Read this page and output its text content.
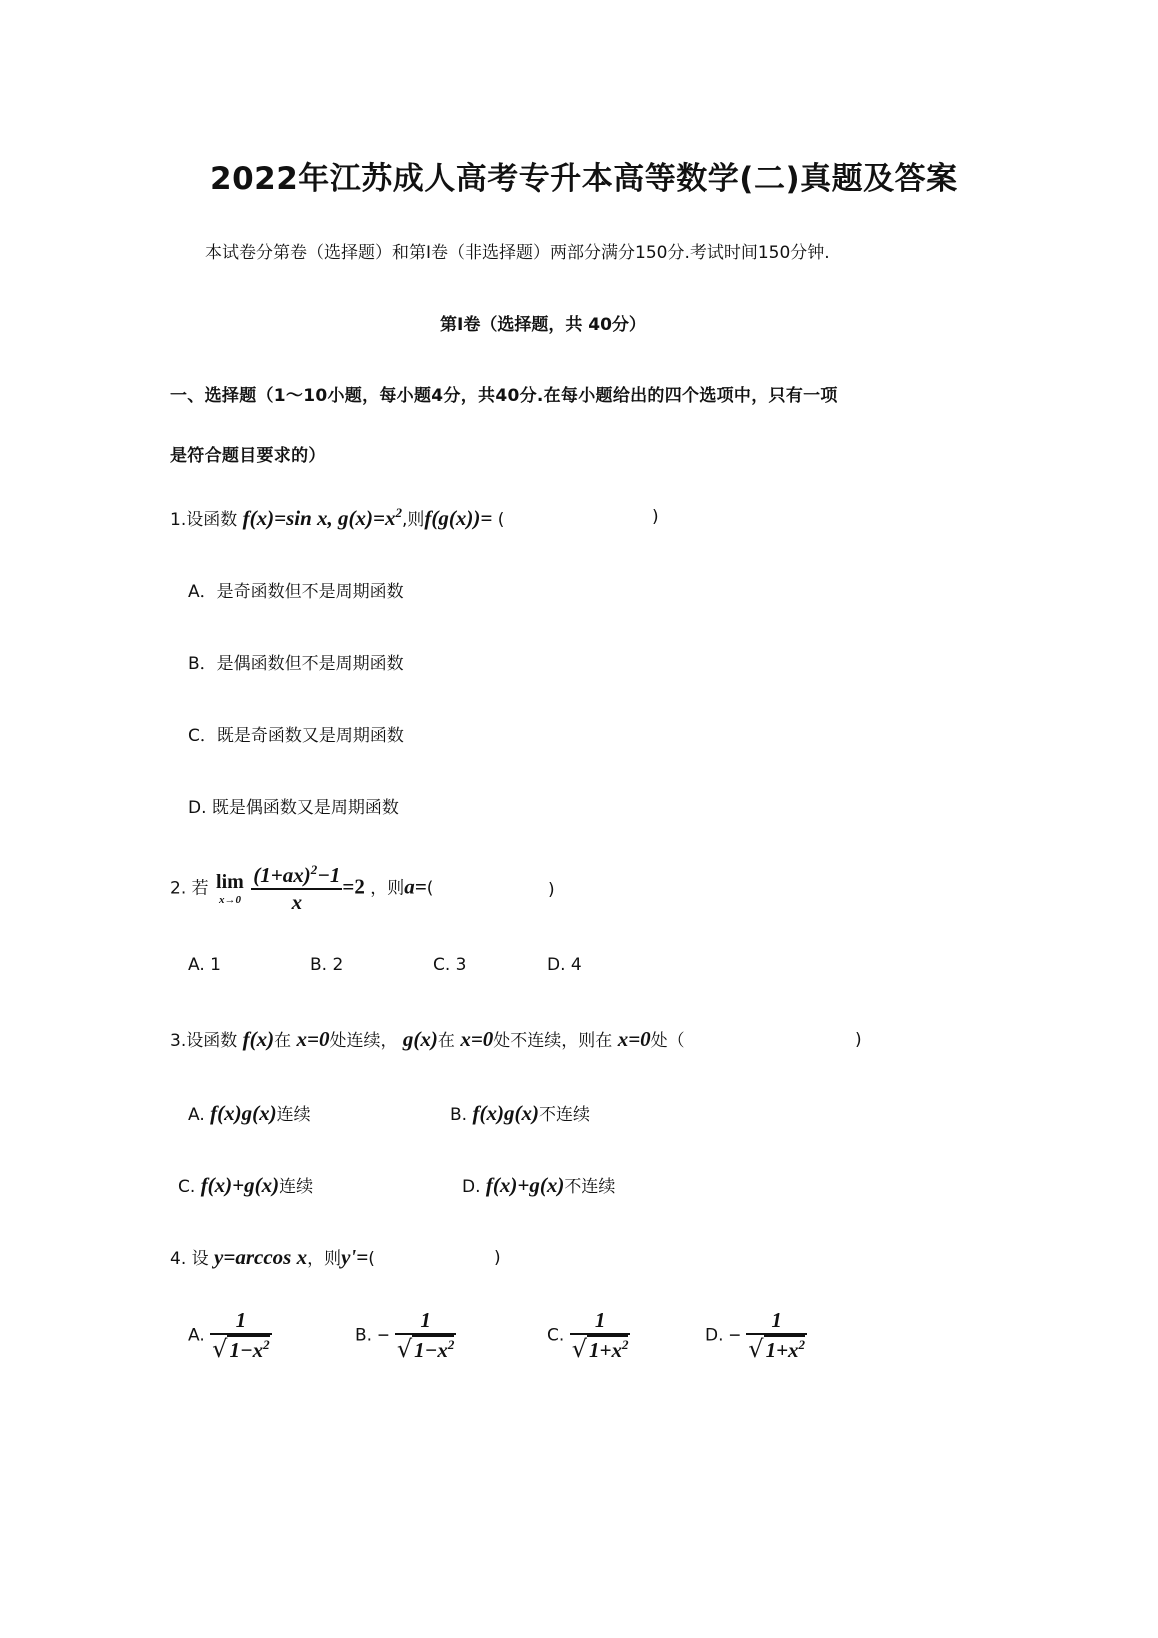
2022年江苏成人高考专升本高等数学(二)真题及答案
本试卷分第卷（选择题）和第Ⅰ卷（非选择题）两部分满分150分.考试时间150分钟.
第Ⅰ卷（选择题，共 40分）
一、选择题（1～10小题，每小题4分，共40分.在每小题给出的四个选项中，只有一项
是符合题目要求的）
1.设函数 f(x)=sin x, $g(x)=x^2$,则f(g(x))= (	)
A．是奇函数但不是周期函数
B．是偶函数但不是周期函数
C．既是奇函数又是周期函数
D. 既是偶函数又是周期函数
2. 若 lim
x→0
$\frac{(1+ax)^2-1}{x} =2$ ，则a=(	)
A. 1	B. 2	C. 3	D. 4
3.设函数 f(x)在 x=0处连续， g(x)在 x=0处不连续，则在 x=0处（	)
A. f(x)g(x)连续	B. f(x)g(x)不连续
C. f(x)+g(x)连续	D. f(x)+g(x)不连续
4. 设 y=arccos x，则y'=(	)
A. $\frac{1}{√1-x^2}$	B. − $\frac{1}{√1-x^2}$	C. $\frac{1}{√1+x^2}$	D. − $\frac{1}{√1+x^2}$
